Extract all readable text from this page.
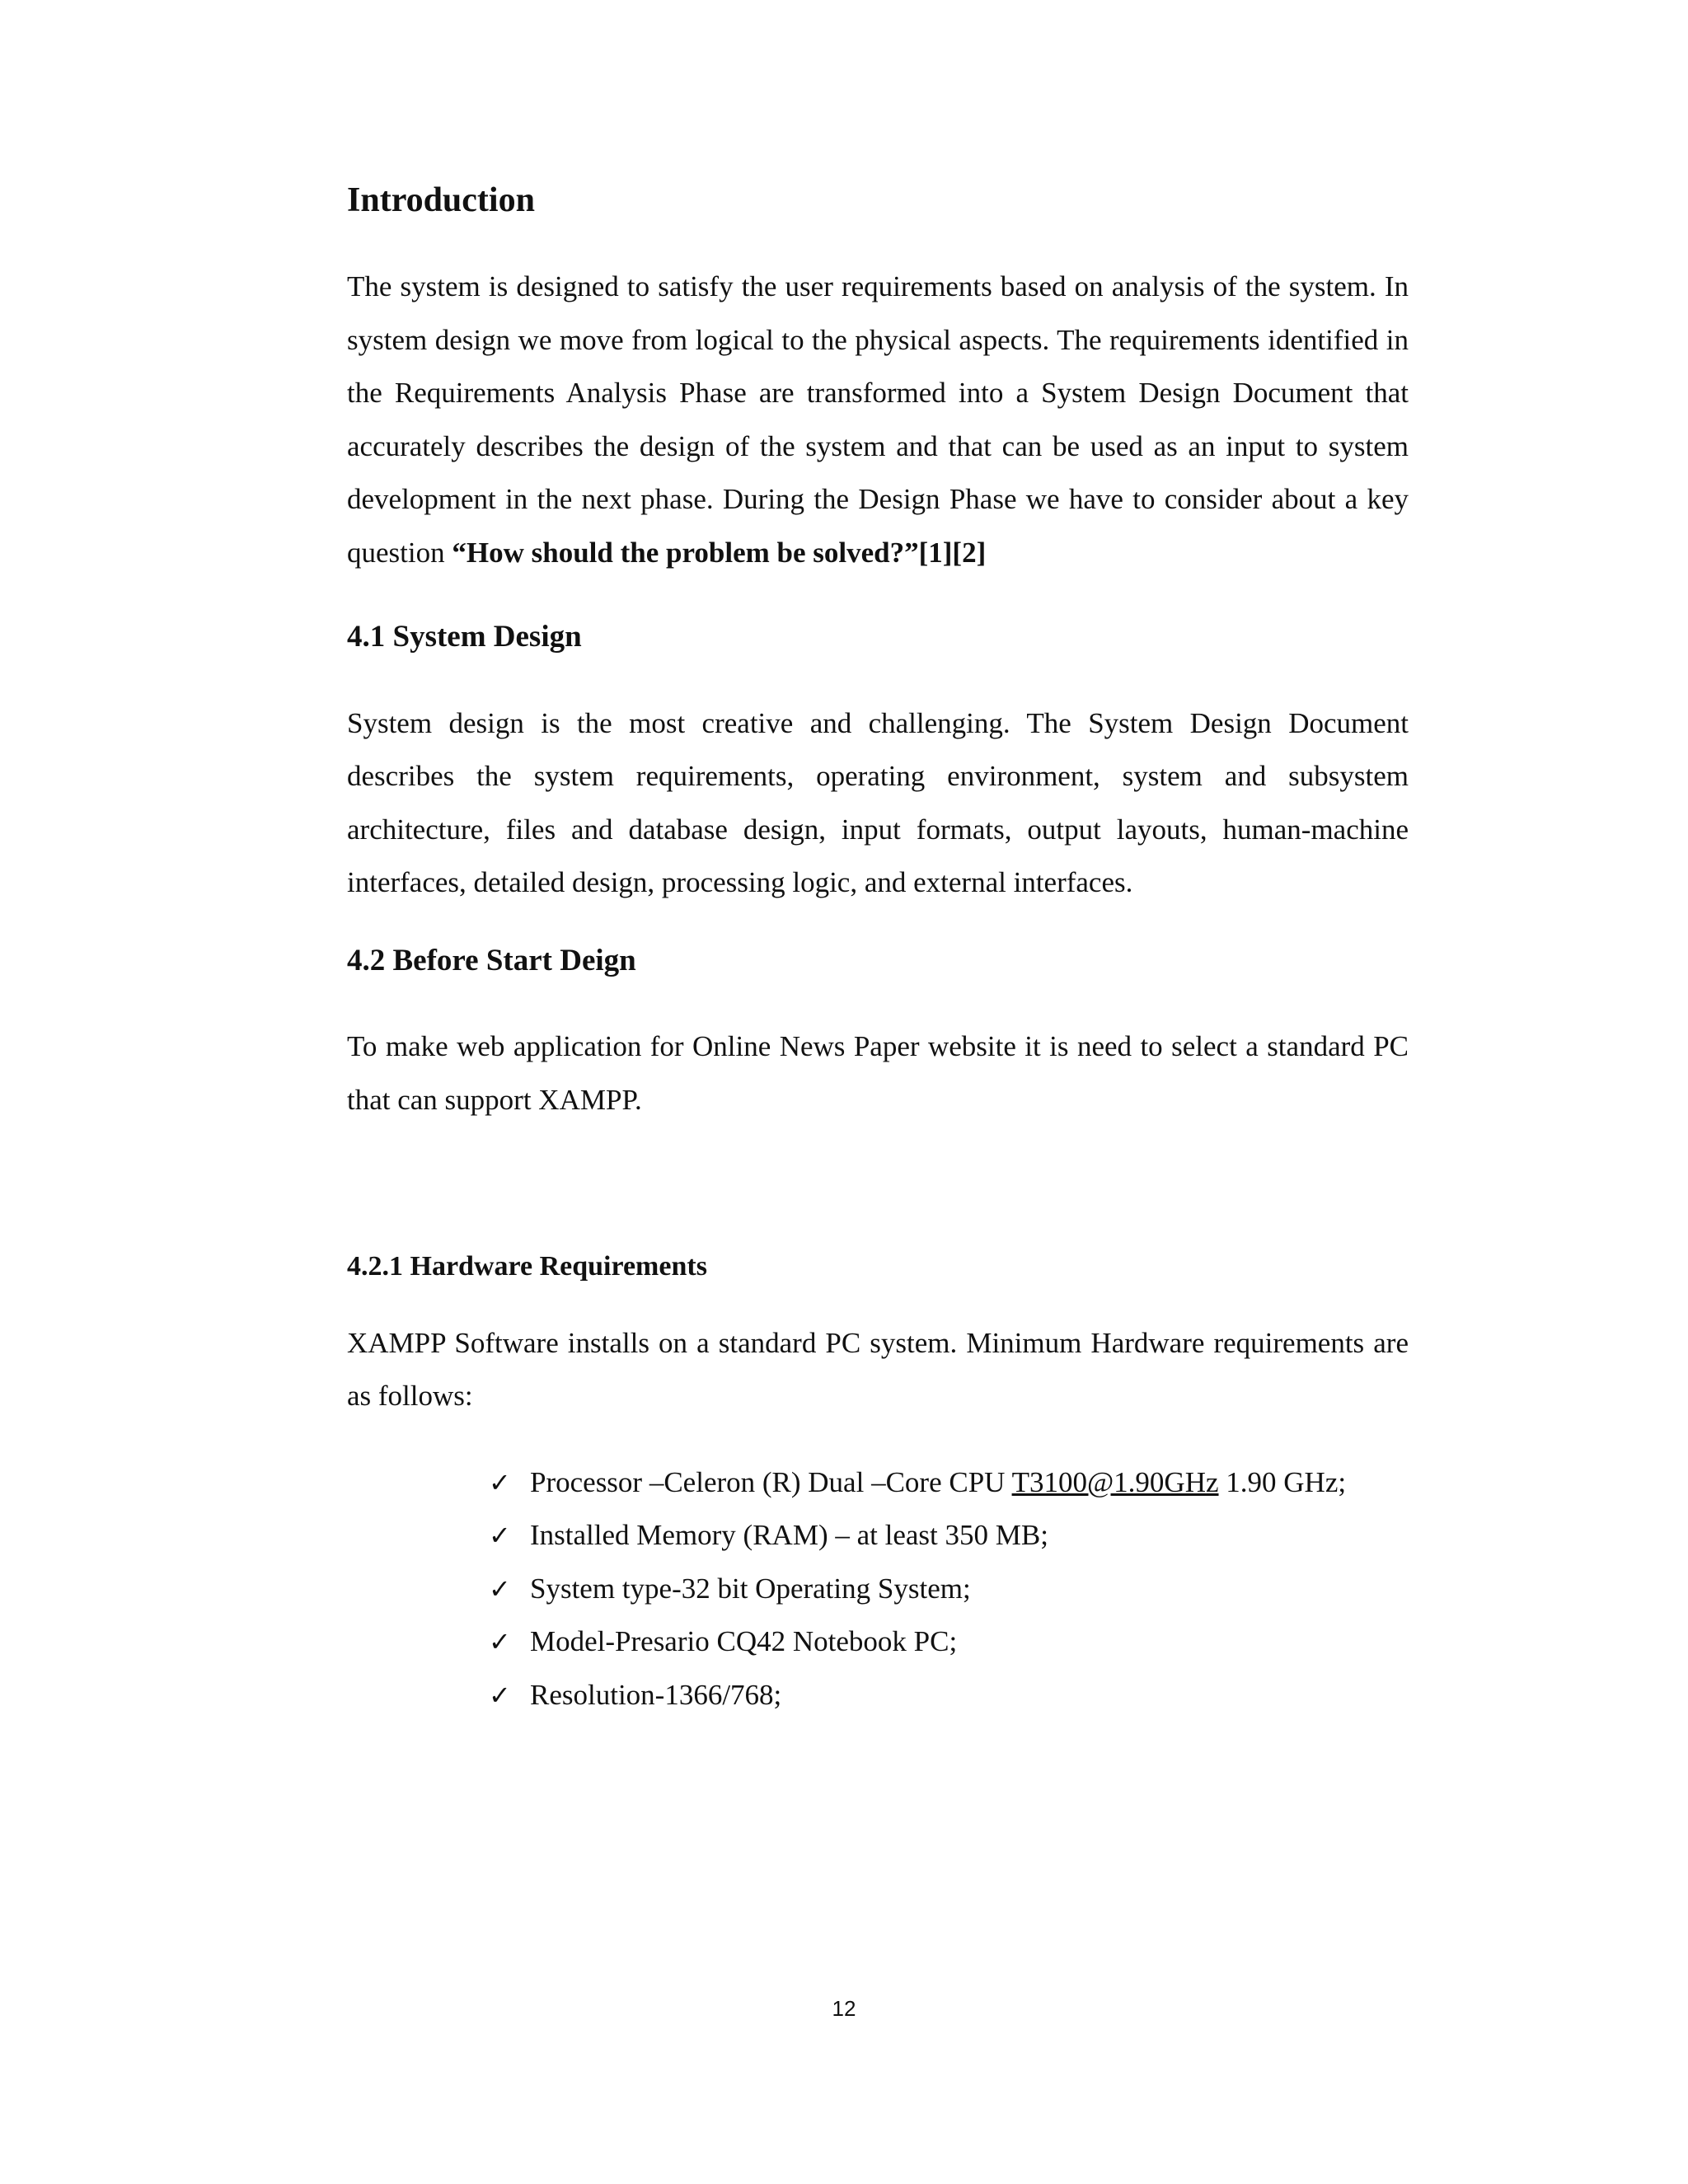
Introduction

The system is designed to satisfy the user requirements based on analysis of the system. In system design we move from logical to the physical aspects. The requirements identified in the Requirements Analysis Phase are transformed into a System Design Document that accurately describes the design of the system and that can be used as an input to system development in the next phase. During the Design Phase we have to consider about a key question “How should the problem be solved?”[1][2]

4.1 System Design

System design is the most creative and challenging. The System Design Document describes the system requirements, operating environment, system and subsystem architecture, files and database design, input formats, output layouts, human-machine interfaces, detailed design, processing logic, and external interfaces.

4.2 Before Start Deign

To make web application for Online News Paper website it is need to select a standard PC that can support XAMPP.

4.2.1 Hardware Requirements

XAMPP Software installs on a standard PC system. Minimum Hardware requirements are as follows:

✓ Processor –Celeron (R) Dual –Core CPU T3100@1.90GHz 1.90 GHz;
✓ Installed Memory (RAM) – at least 350 MB;
✓ System type-32 bit Operating System;
✓ Model-Presario CQ42 Notebook PC;
✓ Resolution-1366/768;
12
